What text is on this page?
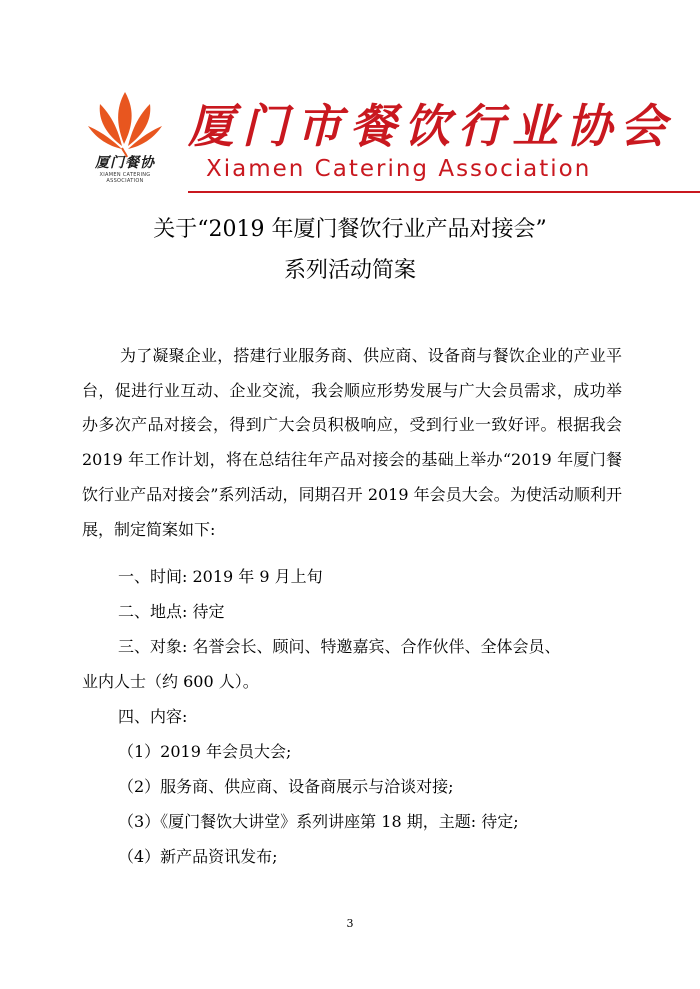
厦门餐协
XIAMEN CATERING ASSOCIATION
厦门市餐饮行业协会
Xiamen Catering Association
关于“2019 年厦门餐饮行业产品对接会”
系列活动简案
为了凝聚企业，搭建行业服务商、供应商、设备商与餐饮企业的产业平台，促进行业互动、企业交流，我会顺应形势发展与广大会员需求，成功举办多次产品对接会，得到广大会员积极响应，受到行业一致好评。根据我会 2019 年工作计划，将在总结往年产品对接会的基础上举办“2019 年厦门餐饮行业产品对接会”系列活动，同期召开 2019 年会员大会。为使活动顺利开展，制定简案如下:
一、时间: 2019 年 9 月上旬
二、地点: 待定
三、对象: 名誉会长、顾问、特邀嘉宾、合作伙伴、全体会员、
业内人士（约 600 人）。
四、内容:
（1）2019 年会员大会;
（2）服务商、供应商、设备商展示与洽谈对接;
（3）《厦门餐饮大讲堂》系列讲座第 18 期，主题: 待定;
（4）新产品资讯发布;
3
